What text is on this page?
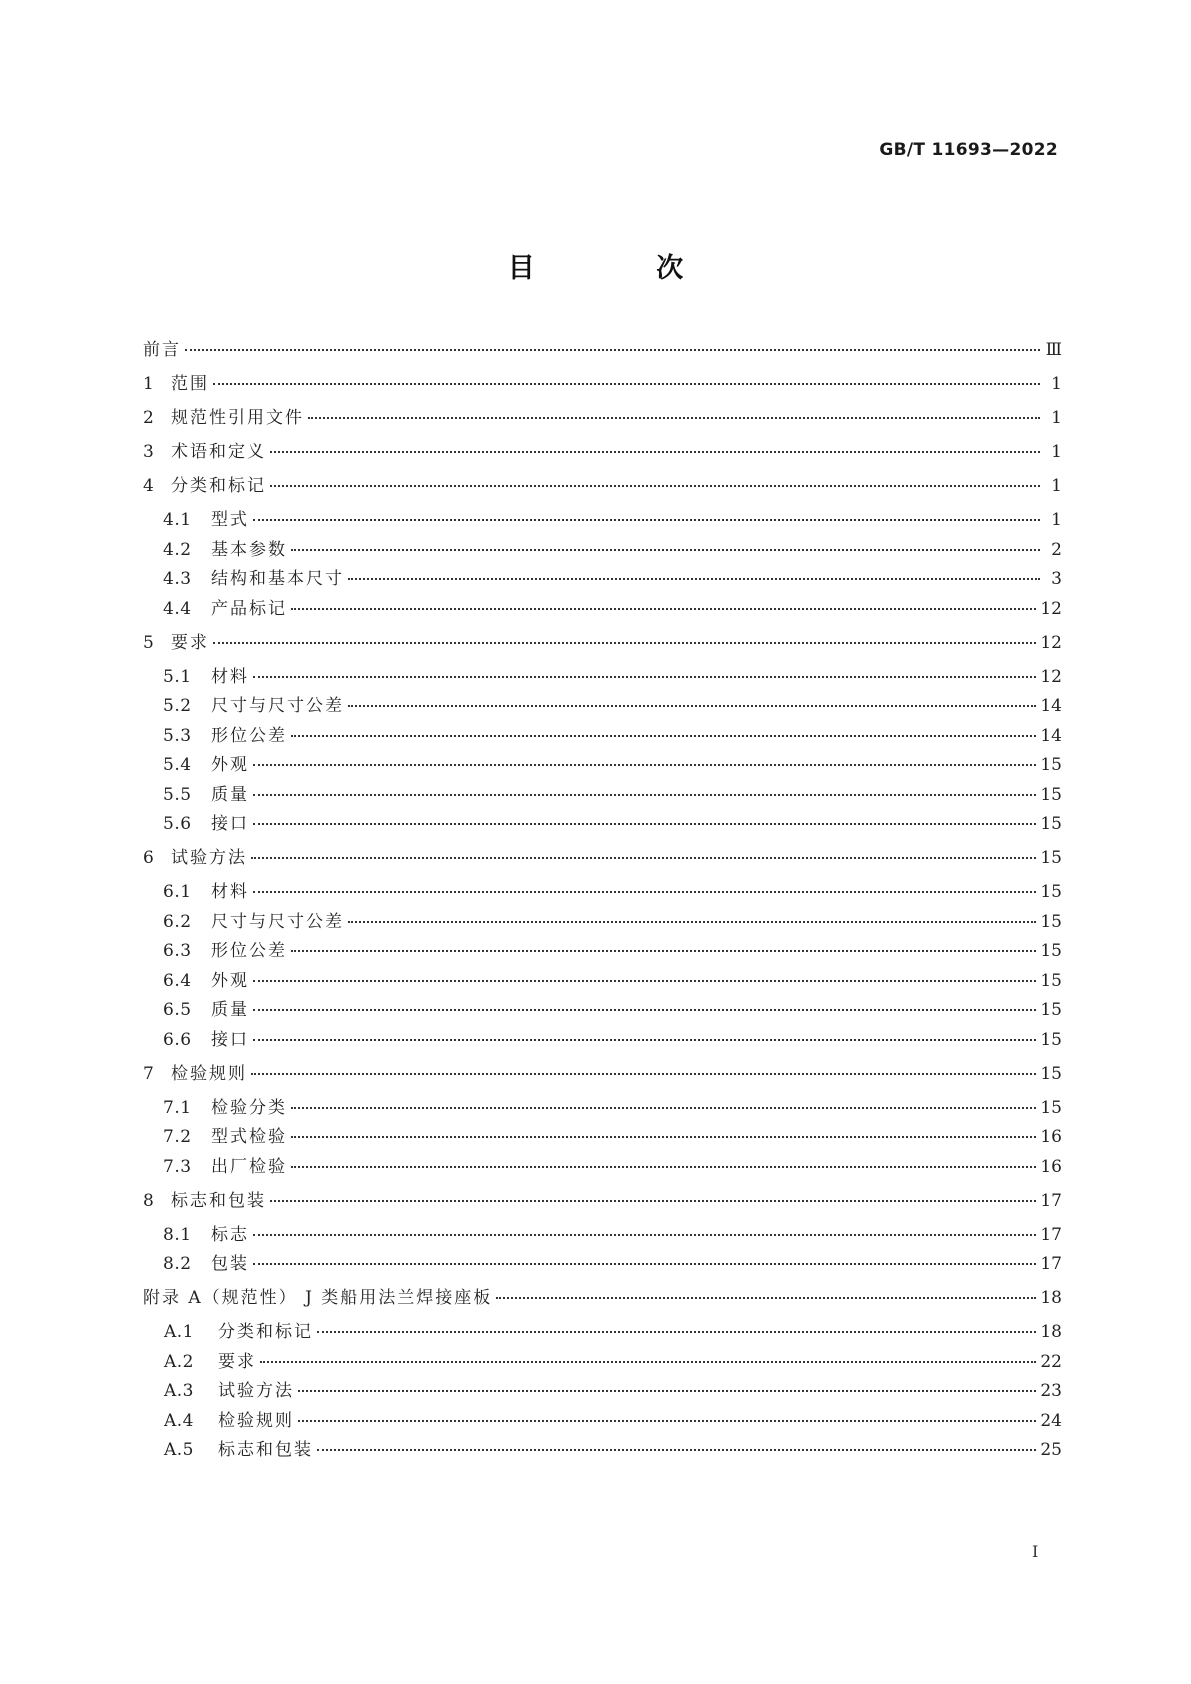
GB/T 11693—2022
目 次
前言	Ⅲ
1 范围	1
2 规范性引用文件	1
3 术语和定义	1
4 分类和标记	1
4.1	型式	1
4.2	基本参数	2
4.3	结构和基本尺寸	3
4.4	产品标记	12
5 要求	12
5.1	材料	12
5.2	尺寸与尺寸公差	14
5.3	形位公差	14
5.4	外观	15
5.5	质量	15
5.6	接口	15
6 试验方法	15
6.1	材料	15
6.2	尺寸与尺寸公差	15
6.3	形位公差	15
6.4	外观	15
6.5	质量	15
6.6	接口	15
7 检验规则	15
7.1	检验分类	15
7.2	型式检验	16
7.3	出厂检验	16
8 标志和包装	17
8.1	标志	17
8.2	包装	17
附录 A（规范性） J 类船用法兰焊接座板	18
A.1	分类和标记	18
A.2	要求	22
A.3	试验方法	23
A.4	检验规则	24
A.5	标志和包装	25
I
